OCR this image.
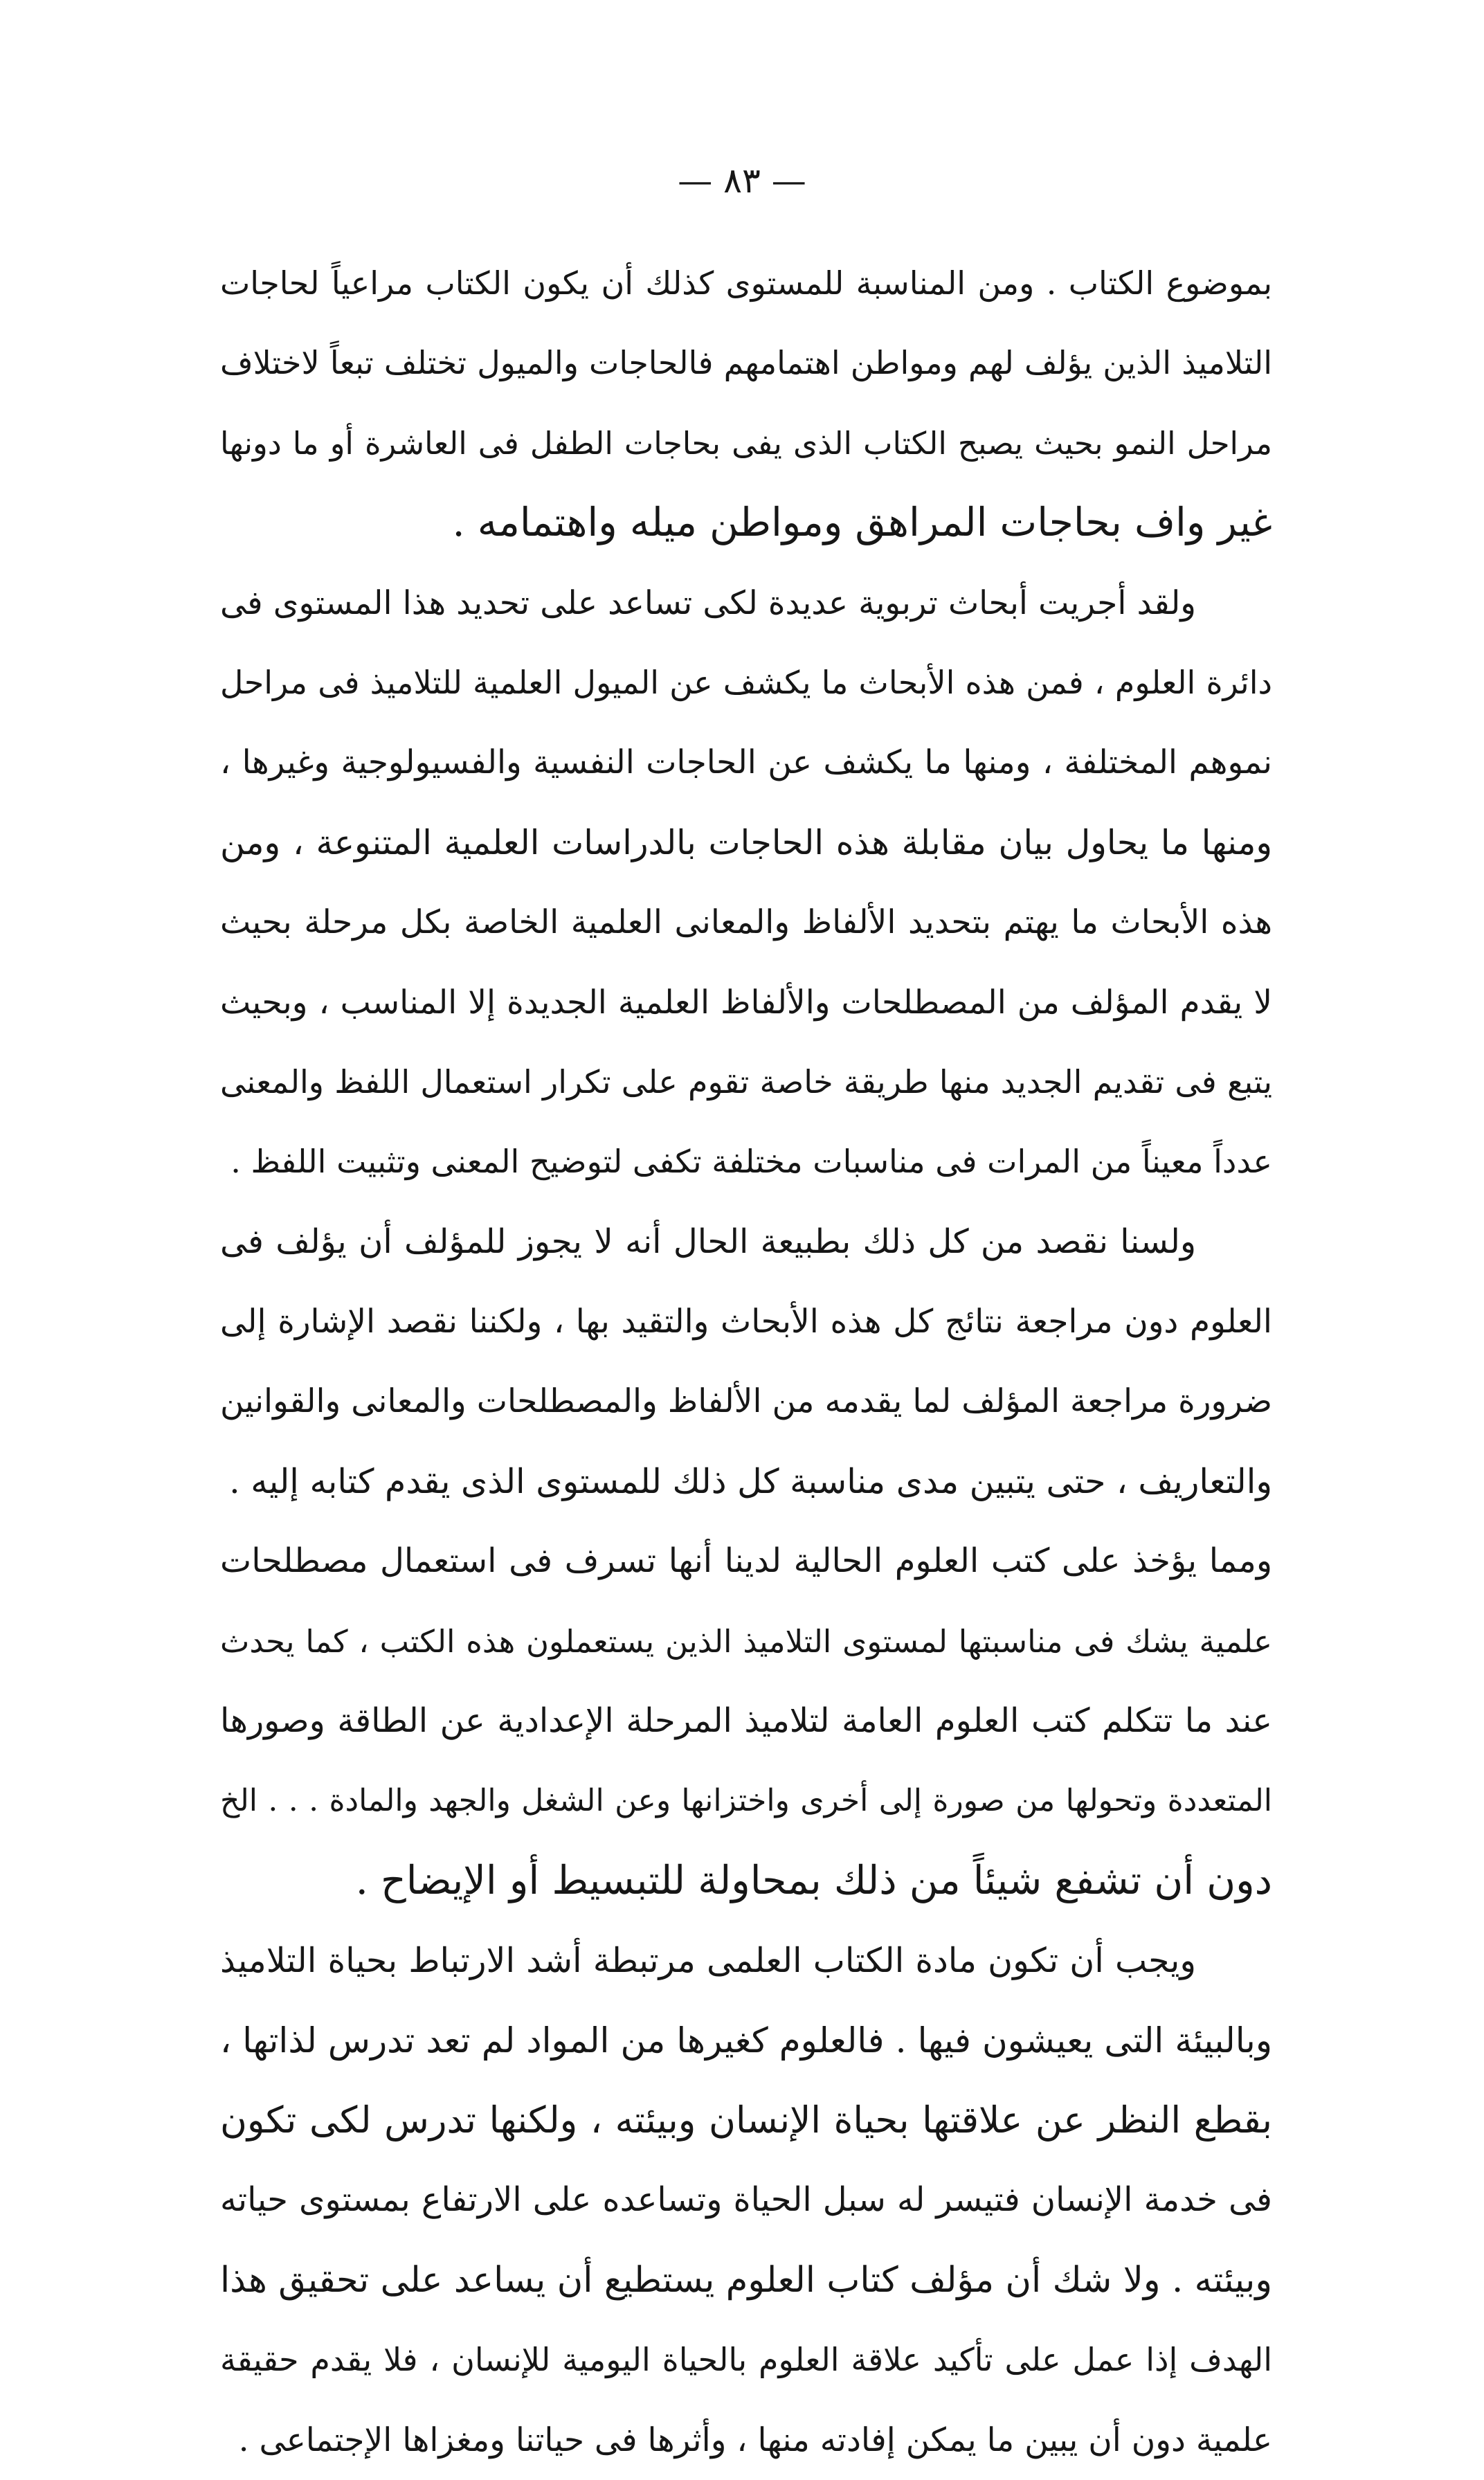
— ٨٣ —
بموضوع الكتاب . ومن المناسبة للمستوى كذلك أن يكون الكتاب مراعياً لحاجات
التلاميذ الذين يؤلف لهم ومواطن اهتمامهم فالحاجات والميول تختلف تبعاً لاختلاف
مراحل النمو بحيث يصبح الكتاب الذى يفى بحاجات الطفل فى العاشرة أو ما دونها
غير واف بحاجات المراهق ومواطن ميله واهتمامه .
ولقد أجريت أبحاث تربوية عديدة لكى تساعد على تحديد هذا المستوى فى
دائرة العلوم ، فمن هذه الأبحاث ما يكشف عن الميول العلمية للتلاميذ فى مراحل
نموهم المختلفة ، ومنها ما يكشف عن الحاجات النفسية والفسيولوجية وغيرها ،
ومنها ما يحاول بيان مقابلة هذه الحاجات بالدراسات العلمية المتنوعة ، ومن
هذه الأبحاث ما يهتم بتحديد الألفاظ والمعانى العلمية الخاصة بكل مرحلة بحيث
لا يقدم المؤلف من المصطلحات والألفاظ العلمية الجديدة إلا المناسب ، وبحيث
يتبع فى تقديم الجديد منها طريقة خاصة تقوم على تكرار استعمال اللفظ والمعنى
عدداً معيناً من المرات فى مناسبات مختلفة تكفى لتوضيح المعنى وتثبيت اللفظ .
ولسنا نقصد من كل ذلك بطبيعة الحال أنه لا يجوز للمؤلف أن يؤلف فى
العلوم دون مراجعة نتائج كل هذه الأبحاث والتقيد بها ، ولكننا نقصد الإشارة إلى
ضرورة مراجعة المؤلف لما يقدمه من الألفاظ والمصطلحات والمعانى والقوانين
والتعاريف ، حتى يتبين مدى مناسبة كل ذلك للمستوى الذى يقدم كتابه إليه .
ومما يؤخذ على كتب العلوم الحالية لدينا أنها تسرف فى استعمال مصطلحات
علمية يشك فى مناسبتها لمستوى التلاميذ الذين يستعملون هذه الكتب ، كما يحدث
عند ما تتكلم كتب العلوم العامة لتلاميذ المرحلة الإعدادية عن الطاقة وصورها
المتعددة وتحولها من صورة إلى أخرى واختزانها وعن الشغل والجهد والمادة . . . الخ
دون أن تشفع شيئاً من ذلك بمحاولة للتبسيط أو الإيضاح .
ويجب أن تكون مادة الكتاب العلمى مرتبطة أشد الارتباط بحياة التلاميذ
وبالبيئة التى يعيشون فيها . فالعلوم كغيرها من المواد لم تعد تدرس لذاتها ،
بقطع النظر عن علاقتها بحياة الإنسان وبيئته ، ولكنها تدرس لكى تكون
فى خدمة الإنسان فتيسر له سبل الحياة وتساعده على الارتفاع بمستوى حياته
وبيئته . ولا شك أن مؤلف كتاب العلوم يستطيع أن يساعد على تحقيق هذا
الهدف إذا عمل على تأكيد علاقة العلوم بالحياة اليومية للإنسان ، فلا يقدم حقيقة
علمية دون أن يبين ما يمكن إفادته منها ، وأثرها فى حياتنا ومغزاها الإجتماعى .
